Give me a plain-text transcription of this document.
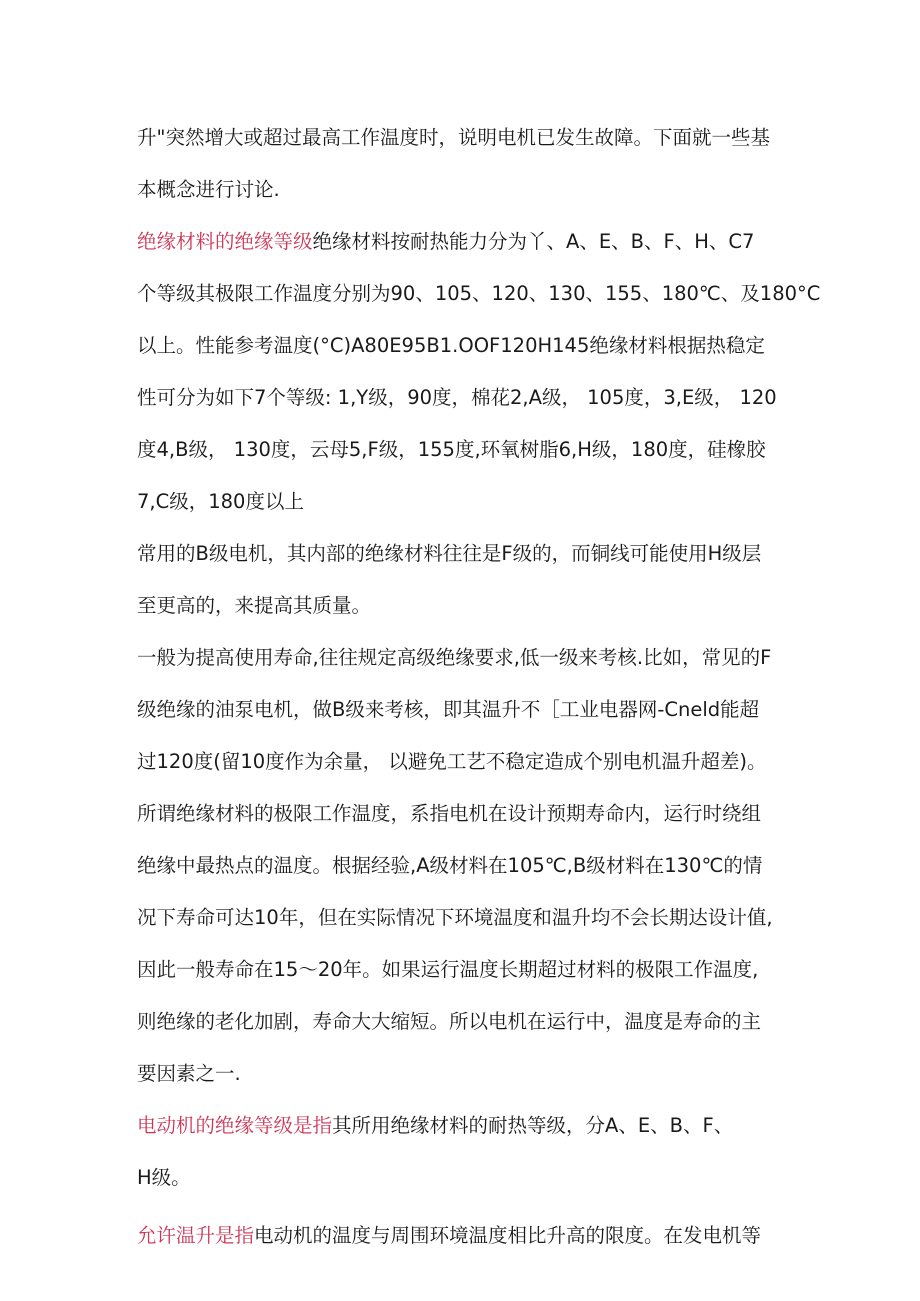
升"突然增大或超过最高工作温度时，说明电机已发生故障。下面就一些基
本概念进行讨论.
绝缘材料的绝缘等级绝缘材料按耐热能力分为丫、A、E、B、F、H、C7
个等级其极限工作温度分别为90、105、120、130、155、180℃、及180°C
以上。性能参考温度(°C)A80E95B1.OOF120H145绝缘材料根据热稳定
性可分为如下7个等级: 1,Y级，90度，棉花2,A级， 105度，3,E级， 120
度4,B级， 130度，云母5,F级，155度,环氧树脂6,H级，180度，硅橡胶
7,C级，180度以上
常用的B级电机，其内部的绝缘材料往往是F级的，而铜线可能使用H级层
至更高的，来提高其质量。
一般为提高使用寿命,往往规定高级绝缘要求,低一级来考核.比如，常见的F
级绝缘的油泵电机，做B级来考核，即其温升不［工业电器网-Cneld能超
过120度(留10度作为余量， 以避免工艺不稳定造成个别电机温升超差)。
所谓绝缘材料的极限工作温度，系指电机在设计预期寿命内，运行时绕组
绝缘中最热点的温度。根据经验,A级材料在105℃,B级材料在130℃的情
况下寿命可达10年，但在实际情况下环境温度和温升均不会长期达设计值,
因此一般寿命在15～20年。如果运行温度长期超过材料的极限工作温度,
则绝缘的老化加剧，寿命大大缩短。所以电机在运行中，温度是寿命的主
要因素之一.
电动机的绝缘等级是指其所用绝缘材料的耐热等级，分A、E、B、F、
H级。
允许温升是指电动机的温度与周围环境温度相比升高的限度。在发电机等
